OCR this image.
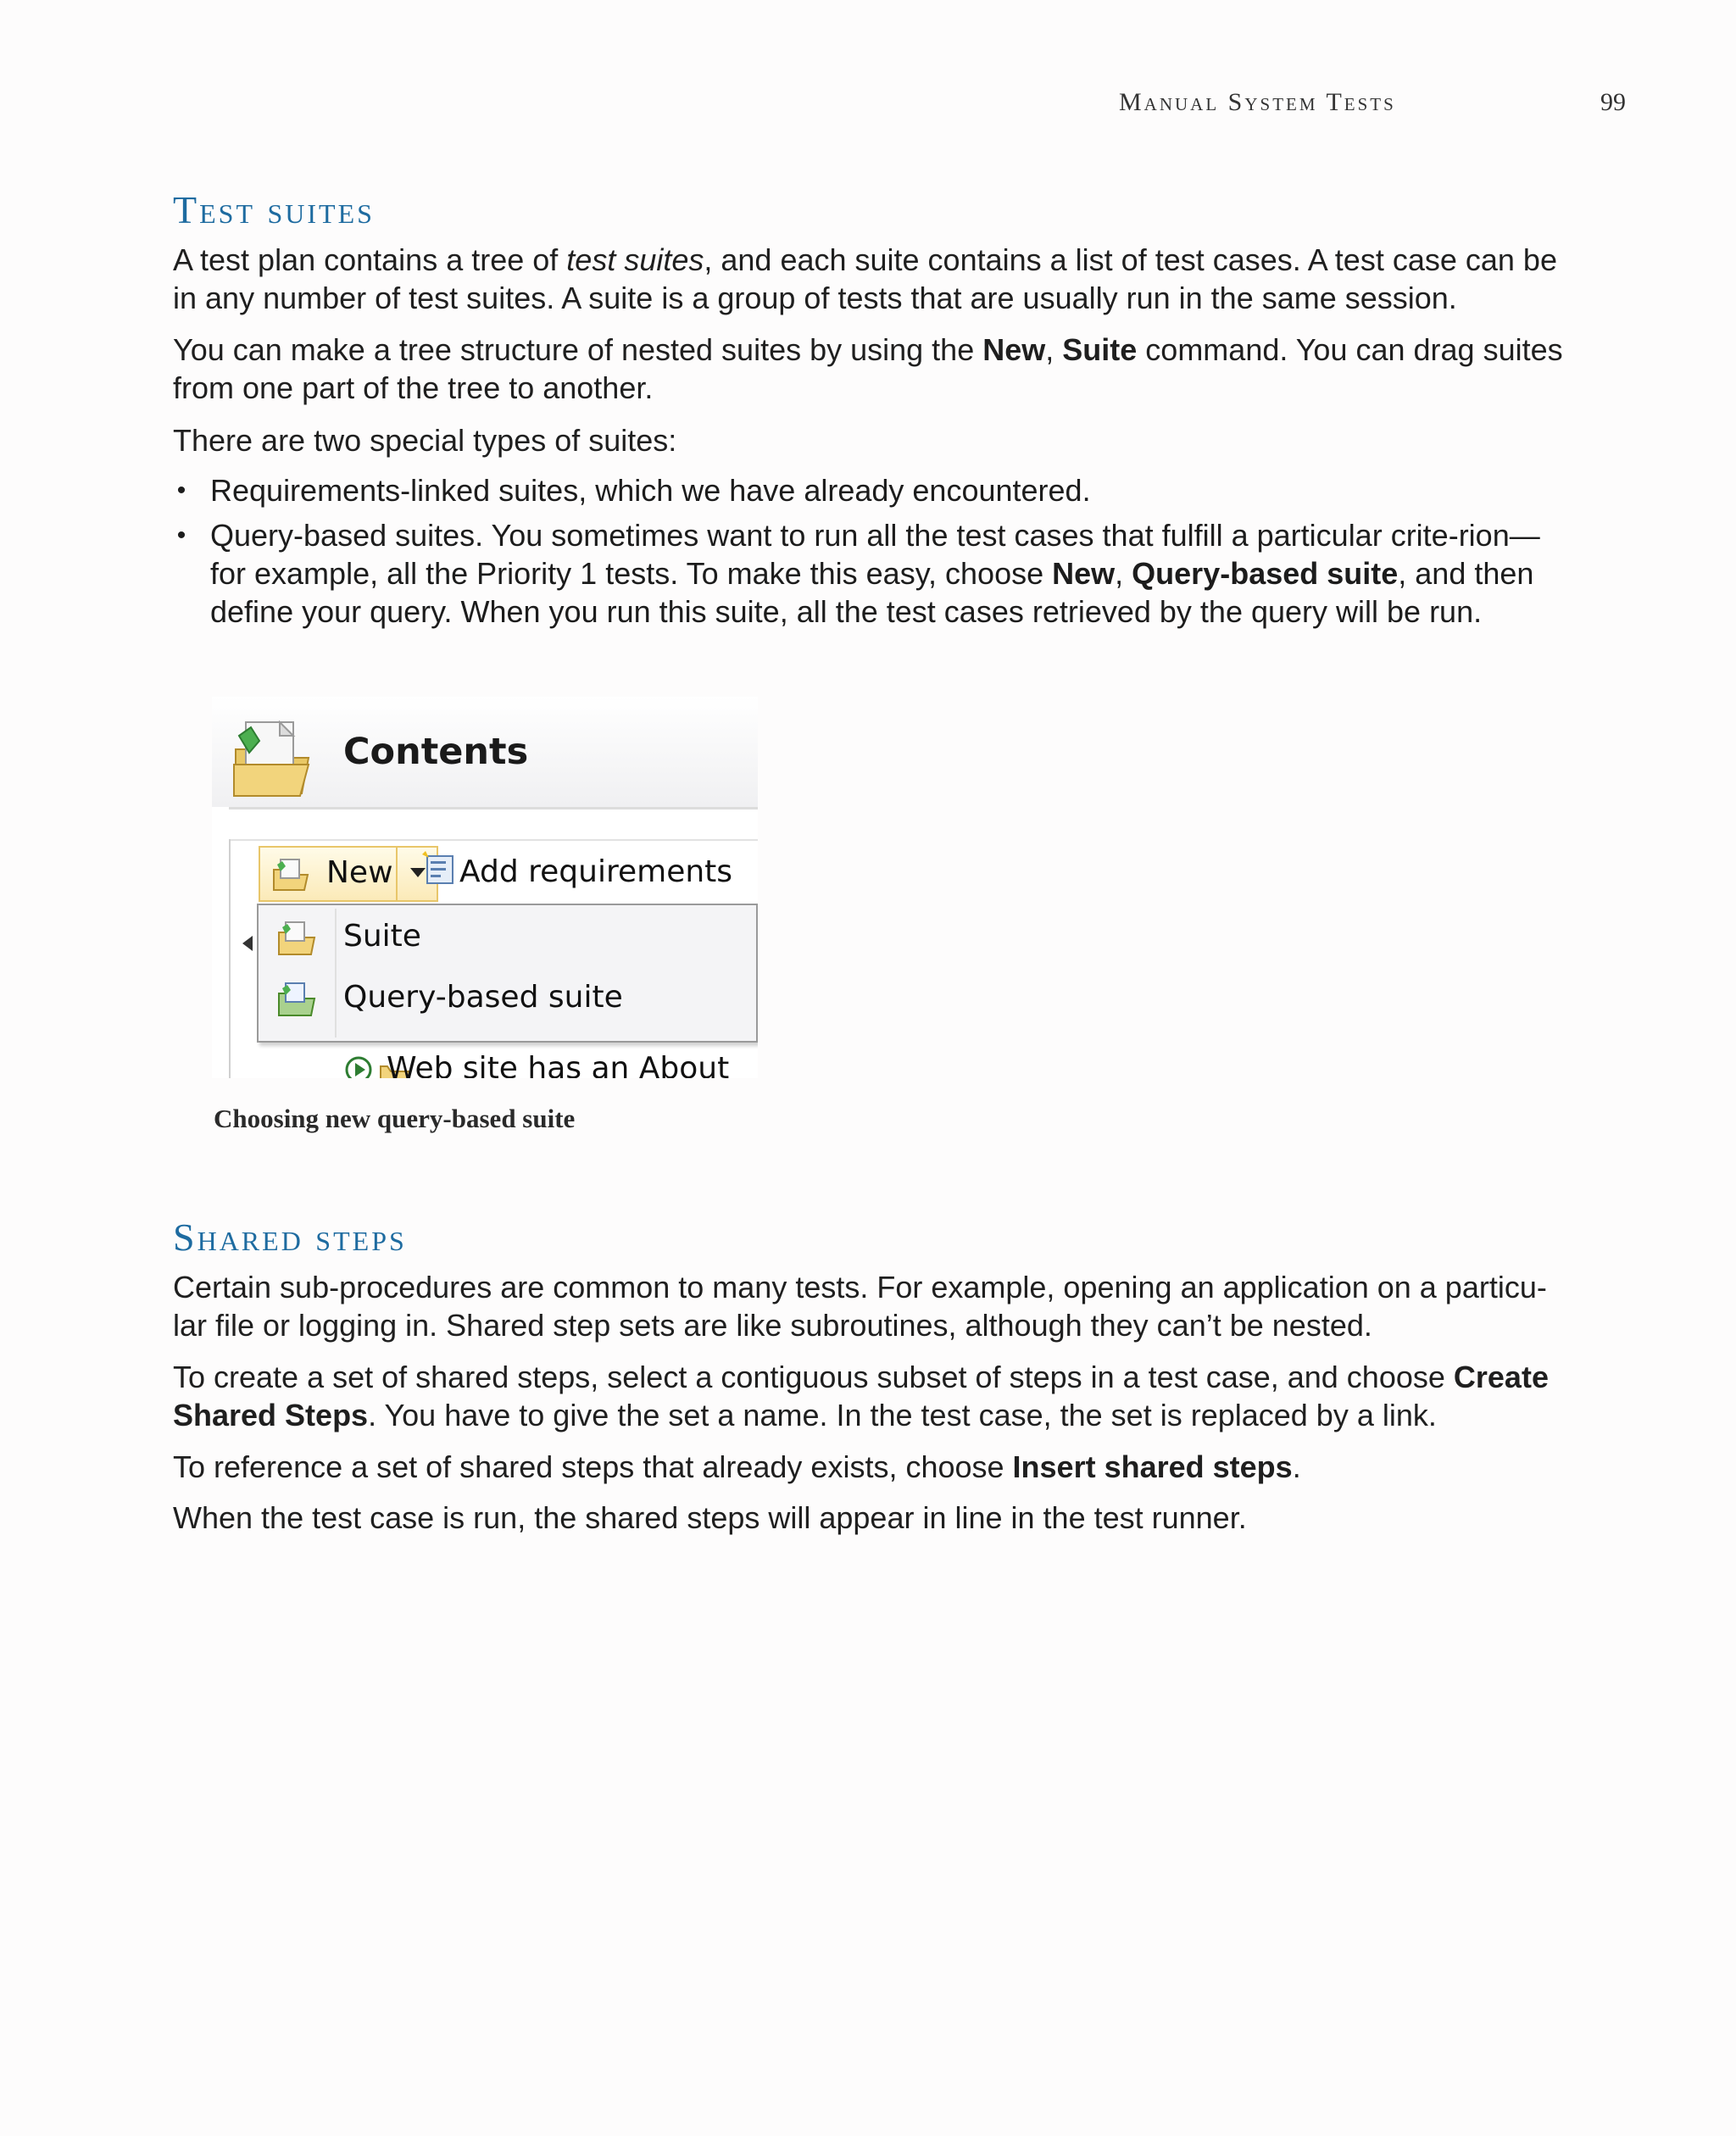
Manual System Tests	99
Test suites

A test plan contains a tree of test suites, and each suite contains a list of test cases. A test case can be in any number of test suites. A suite is a group of tests that are usually run in the same session.

You can make a tree structure of nested suites by using the New, Suite command. You can drag suites from one part of the tree to another.

There are two special types of suites:

• Requirements-linked suites, which we have already encountered.
• Query-based suites. You sometimes want to run all the test cases that fulfill a particular crite-rion—for example, all the Priority 1 tests. To make this easy, choose New, Query-based suite, and then define your query. When you run this suite, all the test cases retrieved by the query will be run.
Contents
New Add requirements
Suite
Query-based suite
Web site has an About

Choosing new query-based suite

Shared steps

Certain sub-procedures are common to many tests. For example, opening an application on a particu-lar file or logging in. Shared step sets are like subroutines, although they can’t be nested.

To create a set of shared steps, select a contiguous subset of steps in a test case, and choose Create Shared Steps. You have to give the set a name. In the test case, the set is replaced by a link.

To reference a set of shared steps that already exists, choose Insert shared steps.

When the test case is run, the shared steps will appear in line in the test runner.
